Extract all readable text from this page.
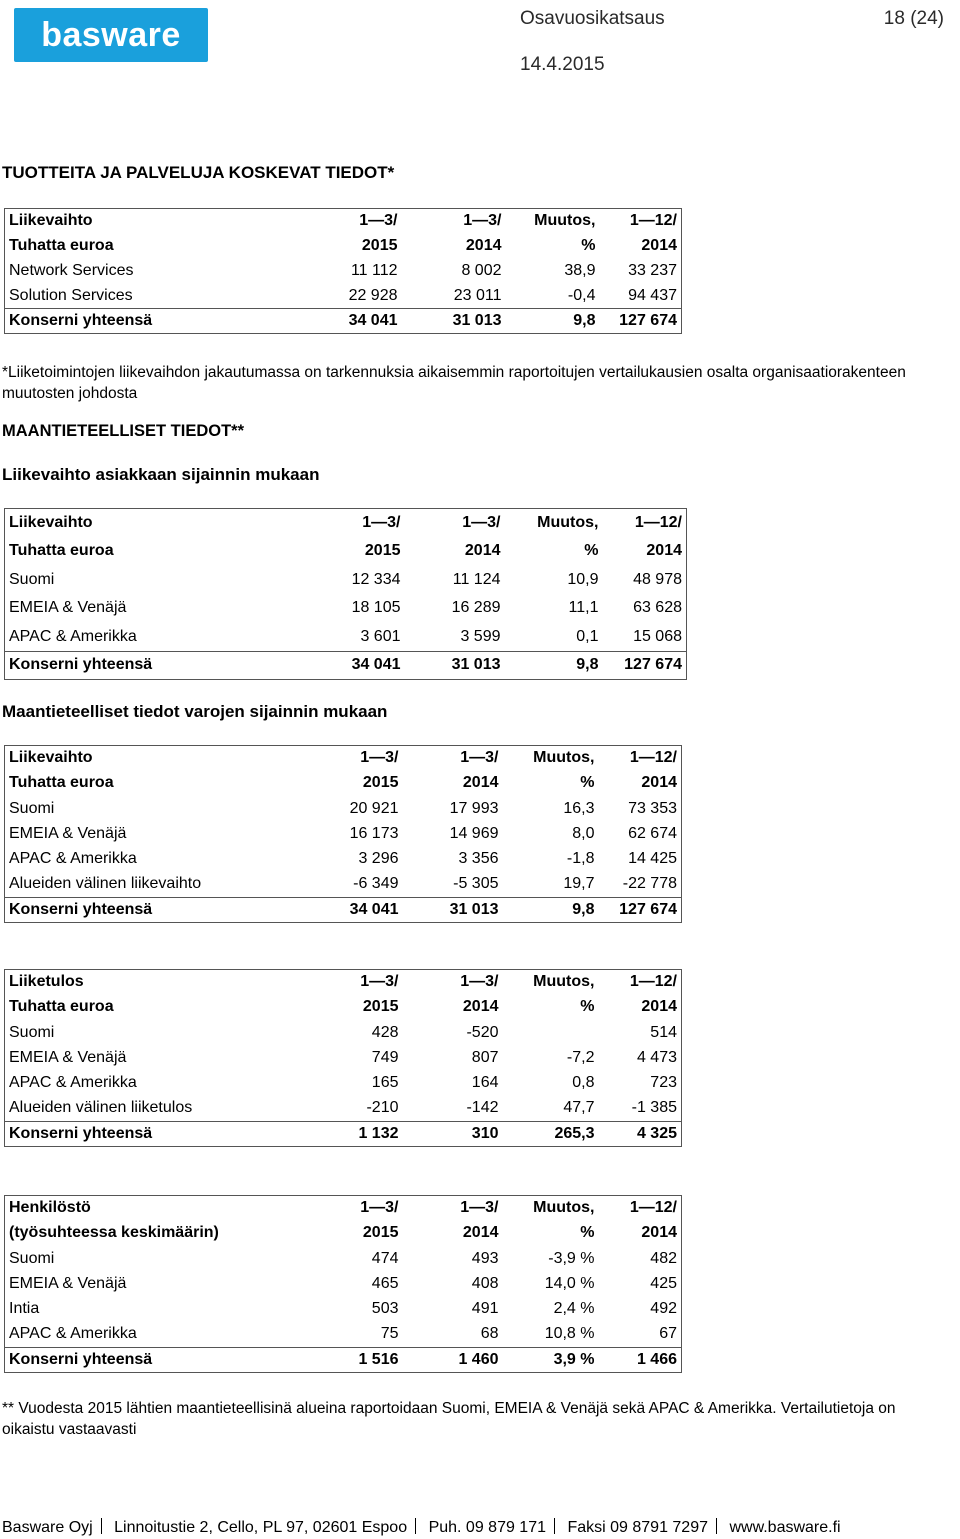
basware	Osavuosikatsaus	18 (24)
14.4.2015
TUOTTEITA JA PALVELUJA KOSKEVAT TIEDOT*
Liikevaihto	1—3/	1—3/	Muutos,	1—12/
Tuhatta euroa	2015	2014	%	2014
Network Services	11 112	8 002	38,9	33 237
Solution Services	22 928	23 011	-0,4	94 437
Konserni yhteensä	34 041	31 013	9,8	127 674
*Liiketoimintojen liikevaihdon jakautumassa on tarkennuksia aikaisemmin raportoitujen vertailukausien osalta organisaatiorakenteen muutosten johdosta
MAANTIETEELLISET TIEDOT**
Liikevaihto asiakkaan sijainnin mukaan
Liikevaihto	1—3/	1—3/	Muutos,	1—12/
Tuhatta euroa	2015	2014	%	2014
Suomi	12 334	11 124	10,9	48 978
EMEIA & Venäjä	18 105	16 289	11,1	63 628
APAC & Amerikka	3 601	3 599	0,1	15 068
Konserni yhteensä	34 041	31 013	9,8	127 674
Maantieteelliset tiedot varojen sijainnin mukaan
Liikevaihto	1—3/	1—3/	Muutos,	1—12/
Tuhatta euroa	2015	2014	%	2014
Suomi	20 921	17 993	16,3	73 353
EMEIA & Venäjä	16 173	14 969	8,0	62 674
APAC & Amerikka	3 296	3 356	-1,8	14 425
Alueiden välinen liikevaihto	-6 349	-5 305	19,7	-22 778
Konserni yhteensä	34 041	31 013	9,8	127 674
Liiketulos	1—3/	1—3/	Muutos,	1—12/
Tuhatta euroa	2015	2014	%	2014
Suomi	428	-520		514
EMEIA & Venäjä	749	807	-7,2	4 473
APAC & Amerikka	165	164	0,8	723
Alueiden välinen liiketulos	-210	-142	47,7	-1 385
Konserni yhteensä	1 132	310	265,3	4 325
Henkilöstö	1—3/	1—3/	Muutos,	1—12/
(työsuhteessa keskimäärin)	2015	2014	%	2014
Suomi	474	493	-3,9 %	482
EMEIA & Venäjä	465	408	14,0 %	425
Intia	503	491	2,4 %	492
APAC & Amerikka	75	68	10,8 %	67
Konserni yhteensä	1 516	1 460	3,9 %	1 466
** Vuodesta 2015 lähtien maantieteellisinä alueina raportoidaan Suomi, EMEIA & Venäjä sekä APAC & Amerikka. Vertailutietoja on oikaistu vastaavasti
Basware Oyj Linnoitustie 2, Cello, PL 97, 02601 Espoo Puh. 09 879 171 Faksi 09 8791 7297 www.basware.fi
